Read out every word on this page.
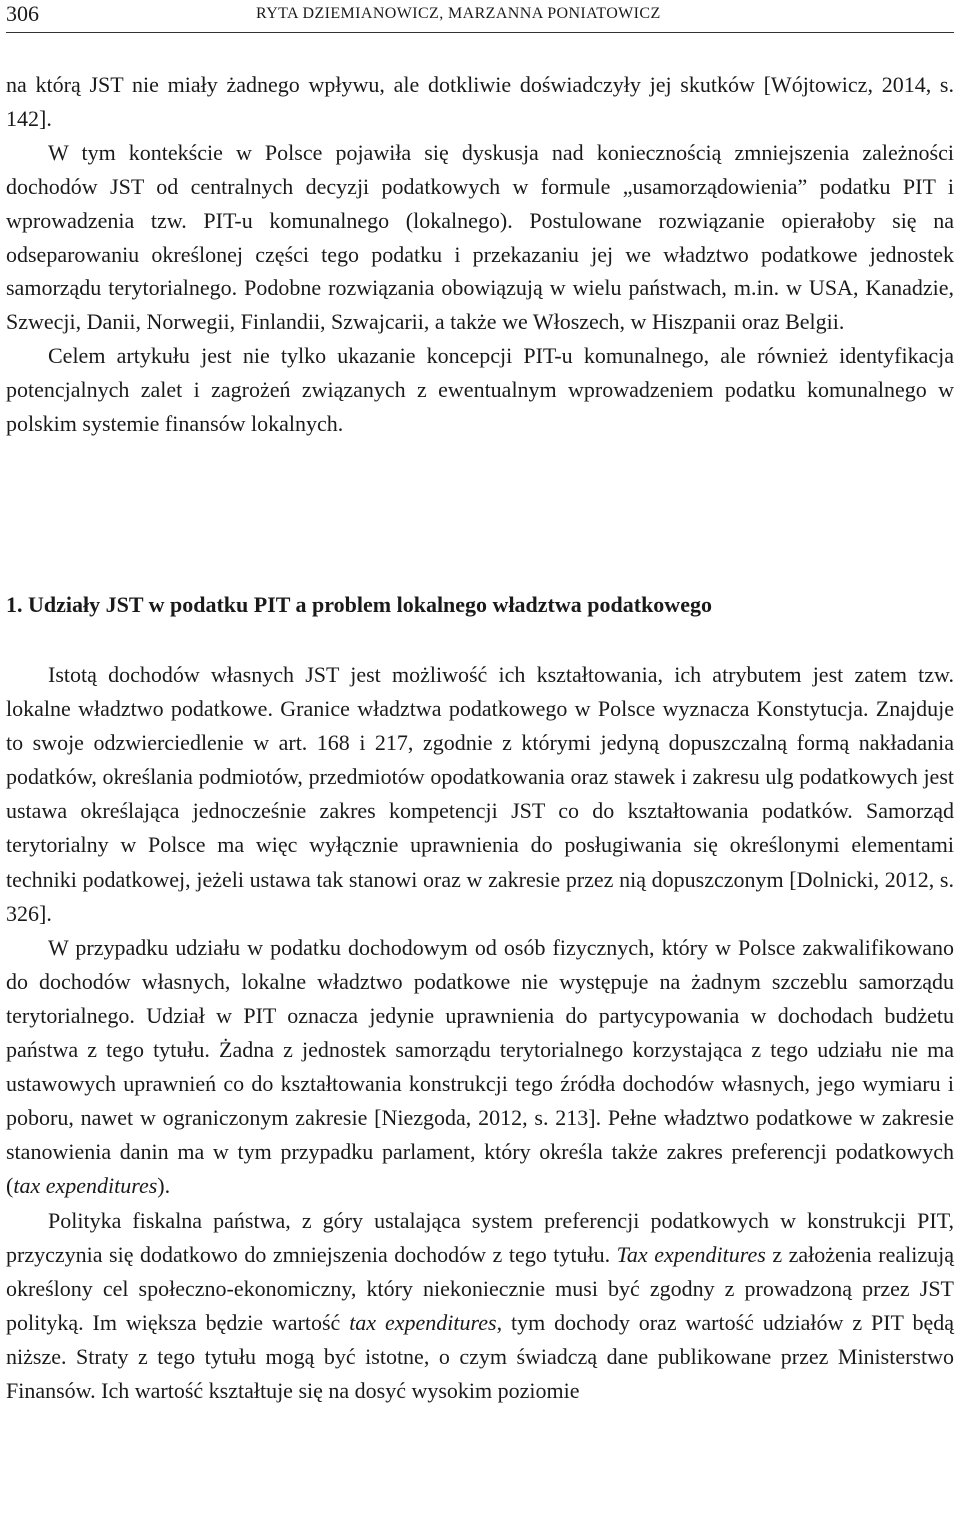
306	RYTA DZIEMIANOWICZ, MARZANNA PONIATOWICZ

na którą JST nie miały żadnego wpływu, ale dotkliwie doświadczyły jej skutków [Wójtowicz, 2014, s. 142].

W tym kontekście w Polsce pojawiła się dyskusja nad koniecznością zmniejszenia zależności dochodów JST od centralnych decyzji podatkowych w formule „usamorządowienia” podatku PIT i wprowadzenia tzw. PIT-u komunalnego (lokalnego). Postulowane rozwiązanie opierałoby się na odseparowaniu określonej części tego podatku i przekazaniu jej we władztwo podatkowe jednostek samorządu terytorialnego. Podobne rozwiązania obowiązują w wielu państwach, m.in. w USA, Kanadzie, Szwecji, Danii, Norwegii, Finlandii, Szwajcarii, a także we Włoszech, w Hiszpanii oraz Belgii.

Celem artykułu jest nie tylko ukazanie koncepcji PIT-u komunalnego, ale również identyfikacja potencjalnych zalet i zagrożeń związanych z ewentualnym wprowadzeniem podatku komunalnego w polskim systemie finansów lokalnych.

1. Udziały JST w podatku PIT a problem lokalnego władztwa podatkowego

Istotą dochodów własnych JST jest możliwość ich kształtowania, ich atrybutem jest zatem tzw. lokalne władztwo podatkowe. Granice władztwa podatkowego w Polsce wyznacza Konstytucja. Znajduje to swoje odzwierciedlenie w art. 168 i 217, zgodnie z którymi jedyną dopuszczalną formą nakładania podatków, określania podmiotów, przedmiotów opodatkowania oraz stawek i zakresu ulg podatkowych jest ustawa określająca jednocześnie zakres kompetencji JST co do kształtowania podatków. Samorząd terytorialny w Polsce ma więc wyłącznie uprawnienia do posługiwania się określonymi elementami techniki podatkowej, jeżeli ustawa tak stanowi oraz w zakresie przez nią dopuszczonym [Dolnicki, 2012, s. 326].

W przypadku udziału w podatku dochodowym od osób fizycznych, który w Polsce zakwalifikowano do dochodów własnych, lokalne władztwo podatkowe nie występuje na żadnym szczeblu samorządu terytorialnego. Udział w PIT oznacza jedynie uprawnienia do partycypowania w dochodach budżetu państwa z tego tytułu. Żadna z jednostek samorządu terytorialnego korzystająca z tego udziału nie ma ustawowych uprawnień co do kształtowania konstrukcji tego źródła dochodów własnych, jego wymiaru i poboru, nawet w ograniczonym zakresie [Niezgoda, 2012, s. 213]. Pełne władztwo podatkowe w zakresie stanowienia danin ma w tym przypadku parlament, który określa także zakres preferencji podatkowych (tax expenditures).

Polityka fiskalna państwa, z góry ustalająca system preferencji podatkowych w konstrukcji PIT, przyczynia się dodatkowo do zmniejszenia dochodów z tego tytułu. Tax expenditures z założenia realizują określony cel społeczno-ekonomiczny, który niekoniecznie musi być zgodny z prowadzoną przez JST polityką. Im większa będzie wartość tax expenditures, tym dochody oraz wartość udziałów z PIT będą niższe. Straty z tego tytułu mogą być istotne, o czym świadczą dane publikowane przez Ministerstwo Finansów. Ich wartość kształtuje się na dosyć wysokim poziomie
